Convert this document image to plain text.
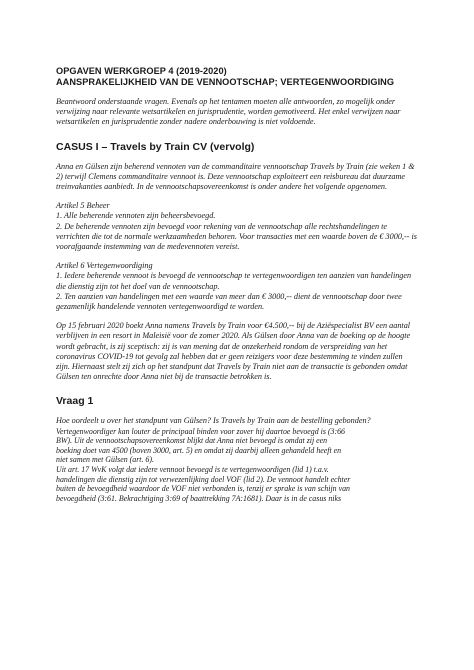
OPGAVEN WERKGROEP 4 (2019-2020)

AANSPRAKELIJKHEID VAN DE VENNOOTSCHAP; VERTEGENWOORDIGING

Beantwoord onderstaande vragen. Evenals op het tentamen moeten alle antwoorden, zo mogelijk onder verwijzing naar relevante wetsartikelen en jurisprudentie, worden gemotiveerd. Het enkel verwijzen naar wetsartikelen en jurisprudentie zonder nadere onderbouwing is niet voldoende.

CASUS I – Travels by Train CV (vervolg)

Anna en Gülsen zijn beherend vennoten van de commanditaire vennootschap Travels by Train (zie weken 1 & 2) terwijl Clemens commanditaire vennoot is. Deze vennootschap exploiteert een reisbureau dat duurzame treinvakanties aanbiedt. In de vennootschapsovereenkomst is onder andere het volgende opgenomen.

Artikel 5 Beheer

1. Alle beherende vennoten zijn beheersbevoegd.

2. De beherende vennoten zijn bevoegd voor rekening van de vennootschap alle rechtshandelingen te verrichten die tot de normale werkzaamheden behoren. Voor transacties met een waarde boven de € 3000,-- is voorafgaande instemming van de medevennoten vereist.

Artikel 6 Vertegenwoordiging

1. Iedere beherende vennoot is bevoegd de vennootschap te vertegenwoordigen ten aanzien van handelingen die dienstig zijn tot het doel van de vennootschap.

2. Ten aanzien van handelingen met een waarde van meer dan € 3000,-- dient de vennootschap door twee gezamenlijk handelende vennoten vertegenwoordigd te worden.

Op 15 februari 2020 boekt Anna namens Travels by Train voor €4.500,-- bij de Aziëspecialist BV een aantal verblijven in een resort in Maleisië voor de zomer 2020. Als Gülsen door Anna van de boeking op de hoogte wordt gebracht, is zij sceptisch: zij is van mening dat de onzekerheid rondom de verspreiding van het coronavirus COVID-19 tot gevolg zal hebben dat er geen reizigers voor deze bestemming te vinden zullen zijn. Hiernaast stelt zij zich op het standpunt dat Travels by Train niet aan de transactie is gebonden omdat Gülsen ten onrechte door Anna niet bij de transactie betrokken is.

Vraag 1

Hoe oordeelt u over het standpunt van Gülsen? Is Travels by Train aan de bestelling gebonden?

Vertegenwoordiger kan louter de principaal binden voor zover hij daartoe bevoegd is (3:66

BW). Uit de vennootschapsovereenkomst blijkt dat Anna niet bevoegd is omdat zij een

boeking doet van 4500 (boven 3000, art. 5) en omdat zij daarbij alleen gehandeld heeft en

niet samen met Gülsen (art. 6).

Uit art. 17 WvK volgt dat iedere vennoot bevoegd is te vertegenwoordigen (lid 1) t.a.v.

handelingen die dienstig zijn tot verwezenlijking doel VOF (lid 2). De vennoot handelt echter

buiten de bevoegdheid waardoor de VOF niet verbonden is, tenzij er sprake is van schijn van

bevoegdheid (3:61. Bekrachtiging 3:69 of baattrekking 7A:1681). Daar is in de casus niks
